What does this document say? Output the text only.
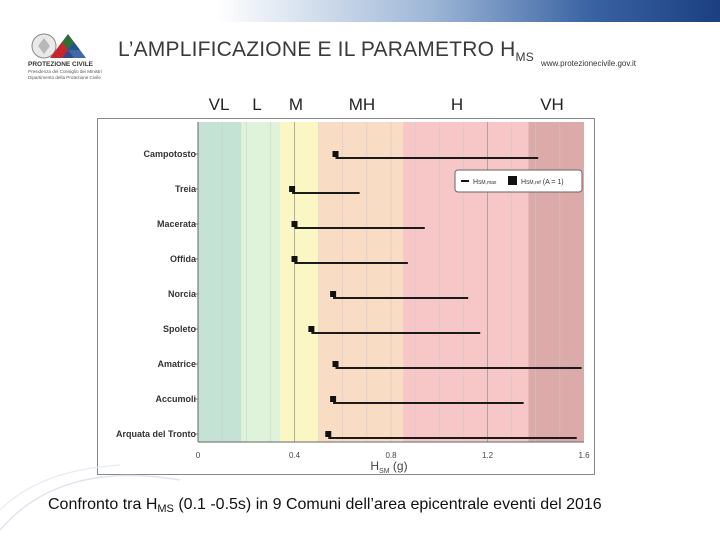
PROTEZIONE CIVILE
Presidenza del Consiglio dei Ministri
Dipartimento della Protezione Civile
L’AMPLIFICAZIONE E IL PARAMETRO $H_{MS}$ www.protezionecivile.gov.it
VL L M	MH	H	VH
Campotosto
Treia
Macerata
Offida
Norcia
Spoleto
Amatrice
Accumoli
Arquata del Tronto
0	0.4	0.8	1.2	1.6
$H_{SM}$ (g)
HSM,max	HSM,ref (A = 1)
Confronto tra HMS (0.1 -0.5s) in 9 Comuni dell’area epicentrale eventi del 2016
